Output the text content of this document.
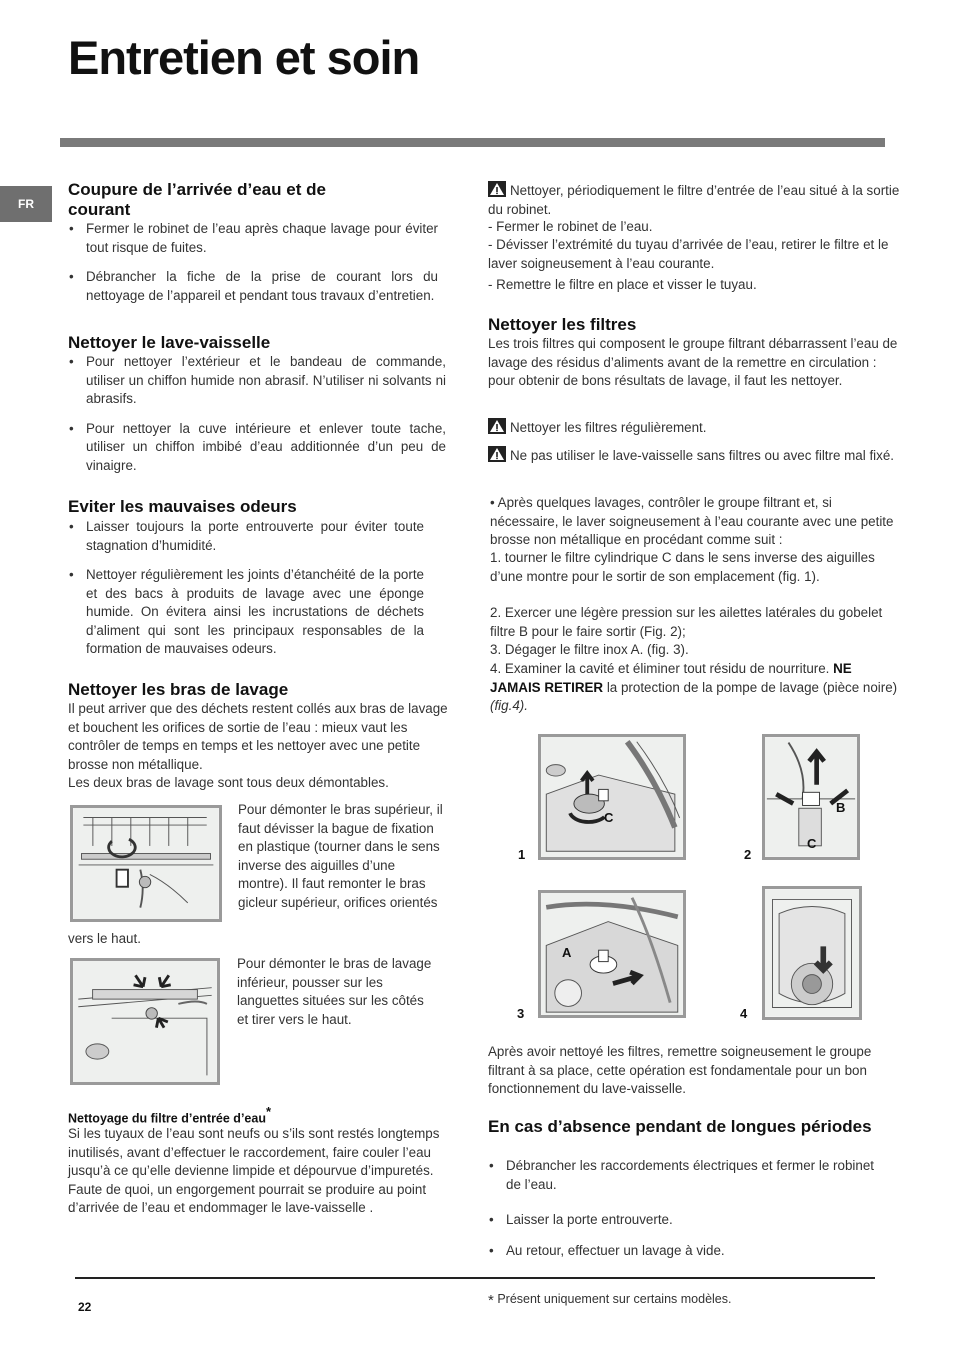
Entretien et soin
FR
Coupure de l’arrivée d’eau et de courant
• Fermer le robinet de l’eau après chaque lavage pour éviter tout risque de fuites.
• Débrancher la fiche de la prise de courant lors du nettoyage de l’appareil et pendant tous travaux d’entretien.
Nettoyer le lave-vaisselle
• Pour nettoyer l’extérieur et le bandeau de commande, utiliser un chiffon humide non abrasif. N’utiliser ni solvants ni abrasifs.
• Pour nettoyer la cuve intérieure et enlever toute tache, utiliser un chiffon imbibé d’eau additionnée d’un peu de vinaigre.
Eviter les mauvaises odeurs
• Laisser toujours la porte entrouverte pour éviter toute stagnation d’humidité.
• Nettoyer régulièrement les joints d’étanchéité de la porte et des bacs à produits de lavage avec une éponge humide. On évitera ainsi les incrustations de déchets d’aliment qui sont les principaux responsables de la formation de mauvaises odeurs.
Nettoyer les bras de lavage

Il peut arriver que des déchets restent collés aux bras de lavage et bouchent les orifices de sortie de l’eau : mieux vaut les contrôler de temps en temps et les nettoyer avec une petite brosse non métallique.

Les deux bras de lavage sont tous deux démontables.

Pour démonter le bras supérieur, il faut dévisser la bague de fixation en plastique (tourner dans le sens inverse des aiguilles d’une montre). Il faut remonter le bras gicleur supérieur, orifices orientés

vers le haut.

Pour démonter le bras de lavage inférieur, pousser sur les languettes situées sur les côtés et tirer vers le haut.

Nettoyage du filtre d’entrée d’eau*

Si les tuyaux de l’eau sont neufs ou s’ils sont restés longtemps inutilisés, avant d’effectuer le raccordement, faire couler l’eau jusqu’à ce qu’elle devienne limpide et dépourvue d’impuretés. Faute de quoi, un engorgement pourrait se produire au point d’arrivée de l’eau et endommager le lave-vaisselle .

Nettoyer, périodiquement le filtre d’entrée de l’eau situé à la sortie du robinet.

- Fermer le robinet de l’eau.

- Dévisser l’extrémité du tuyau d’arrivée de l’eau, retirer le filtre et le laver soigneusement à l’eau courante.

- Remettre le filtre en place et visser le tuyau.

Nettoyer les filtres

Les trois filtres qui composent le groupe filtrant débarrassent l’eau de lavage des résidus d’aliments avant de la remettre en circulation : pour obtenir de bons résultats de lavage, il faut les nettoyer.

Nettoyer les filtres régulièrement.

Ne pas utiliser le lave-vaisselle sans filtres ou avec filtre mal fixé.

• Après quelques lavages, contrôler le groupe filtrant et, si nécessaire, le laver soigneusement à l’eau courante avec une petite brosse non métallique en procédant comme suit :

1. tourner le filtre cylindrique C dans le sens inverse des aiguilles d’une montre pour le sortir de son emplacement (fig. 1).

2. Exercer une légère pression sur les ailettes latérales du gobelet filtre B pour le faire sortir (Fig. 2);

3. Dégager le filtre inox A. (fig. 3).

4. Examiner la cavité et éliminer tout résidu de nourriture. NE JAMAIS RETIRER la protection de la pompe de lavage (pièce noire) (fig.4).

1	2
3	4
C
B
C
A

Après avoir nettoyé les filtres, remettre soigneusement le groupe filtrant à sa place, cette opération est fondamentale pour un bon fonctionnement du lave-vaisselle.

En cas d’absence pendant de longues périodes
• Débrancher les raccordements électriques et fermer le robinet de l’eau.
• Laisser la porte entrouverte.
• Au retour, effectuer un lavage à vide.
22	* Présent uniquement sur certains modèles.
